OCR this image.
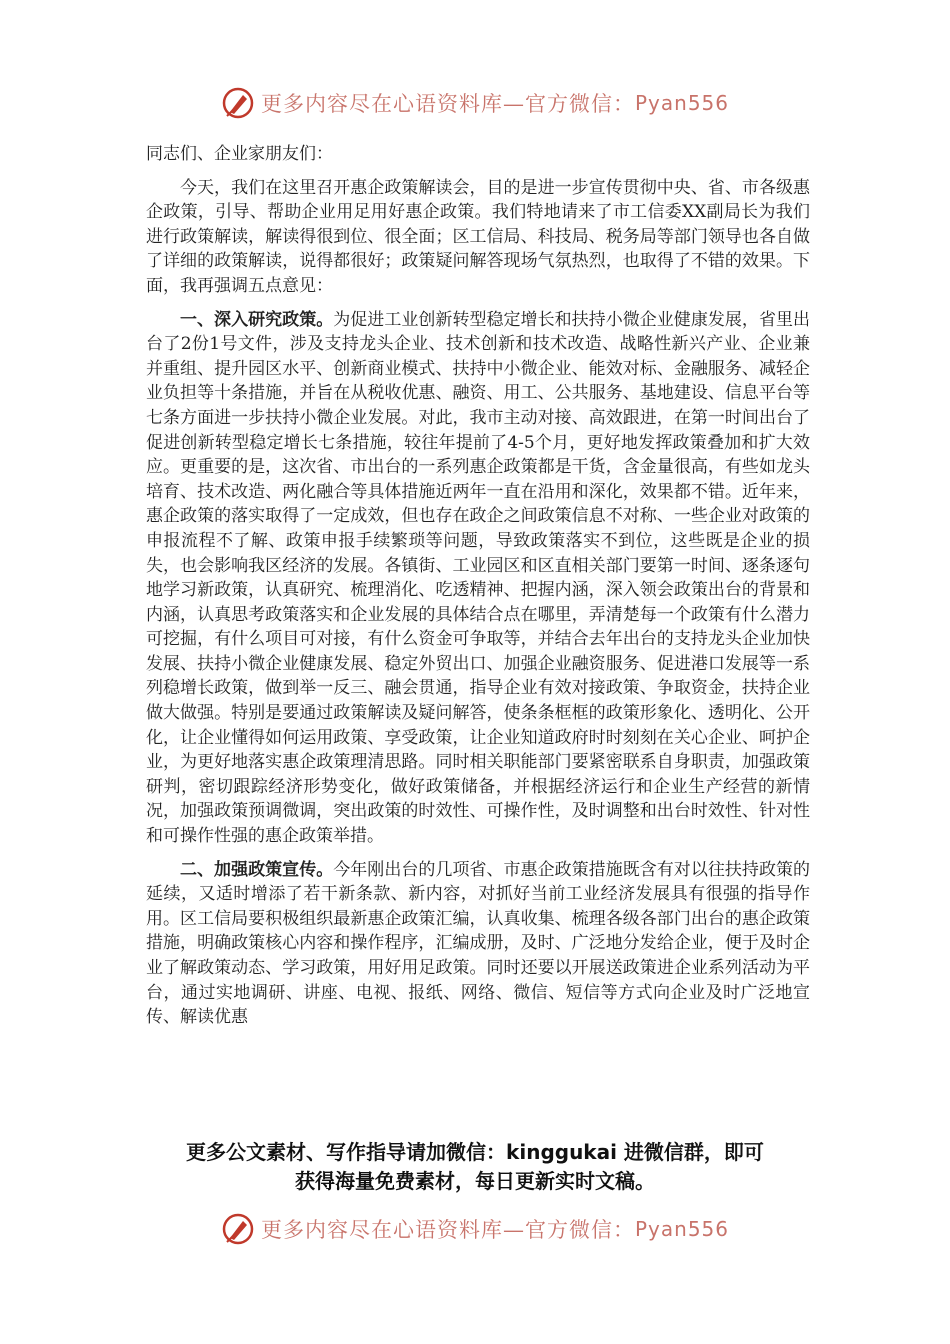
更多内容尽在心语资料库—官方微信： Pyan556

同志们、企业家朋友们：

今天，我们在这里召开惠企政策解读会，目的是进一步宣传贯彻中央、省、市各级惠企政策，引导、帮助企业用足用好惠企政策。我们特地请来了市工信委XX副局长为我们进行政策解读，解读得很到位、很全面；区工信局、科技局、税务局等部门领导也各自做了详细的政策解读，说得都很好；政策疑问解答现场气氛热烈，也取得了不错的效果。下面，我再强调五点意见：

一、深入研究政策。为促进工业创新转型稳定增长和扶持小微企业健康发展，省里出台了2份1号文件，涉及支持龙头企业、技术创新和技术改造、战略性新兴产业、企业兼并重组、提升园区水平、创新商业模式、扶持中小微企业、能效对标、金融服务、减轻企业负担等十条措施，并旨在从税收优惠、融资、用工、公共服务、基地建设、信息平台等七条方面进一步扶持小微企业发展。对此，我市主动对接、高效跟进，在第一时间出台了促进创新转型稳定增长七条措施，较往年提前了4-5个月，更好地发挥政策叠加和扩大效应。更重要的是，这次省、市出台的一系列惠企政策都是干货，含金量很高，有些如龙头培育、技术改造、两化融合等具体措施近两年一直在沿用和深化，效果都不错。近年来，惠企政策的落实取得了一定成效，但也存在政企之间政策信息不对称、一些企业对政策的申报流程不了解、政策申报手续繁琐等问题，导致政策落实不到位，这些既是企业的损失，也会影响我区经济的发展。各镇街、工业园区和区直相关部门要第一时间、逐条逐句地学习新政策，认真研究、梳理消化、吃透精神、把握内涵，深入领会政策出台的背景和内涵，认真思考政策落实和企业发展的具体结合点在哪里，弄清楚每一个政策有什么潜力可挖掘，有什么项目可对接，有什么资金可争取等，并结合去年出台的支持龙头企业加快发展、扶持小微企业健康发展、稳定外贸出口、加强企业融资服务、促进港口发展等一系列稳增长政策，做到举一反三、融会贯通，指导企业有效对接政策、争取资金，扶持企业做大做强。特别是要通过政策解读及疑问解答，使条条框框的政策形象化、透明化、公开化，让企业懂得如何运用政策、享受政策，让企业知道政府时时刻刻在关心企业、呵护企业，为更好地落实惠企政策理清思路。同时相关职能部门要紧密联系自身职责，加强政策研判，密切跟踪经济形势变化，做好政策储备，并根据经济运行和企业生产经营的新情况，加强政策预调微调，突出政策的时效性、可操作性，及时调整和出台时效性、针对性和可操作性强的惠企政策举措。

二、加强政策宣传。今年刚出台的几项省、市惠企政策措施既含有对以往扶持政策的延续，又适时增添了若干新条款、新内容，对抓好当前工业经济发展具有很强的指导作用。区工信局要积极组织最新惠企政策汇编，认真收集、梳理各级各部门出台的惠企政策措施，明确政策核心内容和操作程序，汇编成册，及时、广泛地分发给企业，便于及时企业了解政策动态、学习政策，用好用足政策。同时还要以开展送政策进企业系列活动为平台，通过实地调研、讲座、电视、报纸、网络、微信、短信等方式向企业及时广泛地宣传、解读优惠

更多公文素材、写作指导请加微信：kinggukai 进微信群，即可

获得海量免费素材，每日更新实时文稿。

更多内容尽在心语资料库—官方微信： Pyan556
